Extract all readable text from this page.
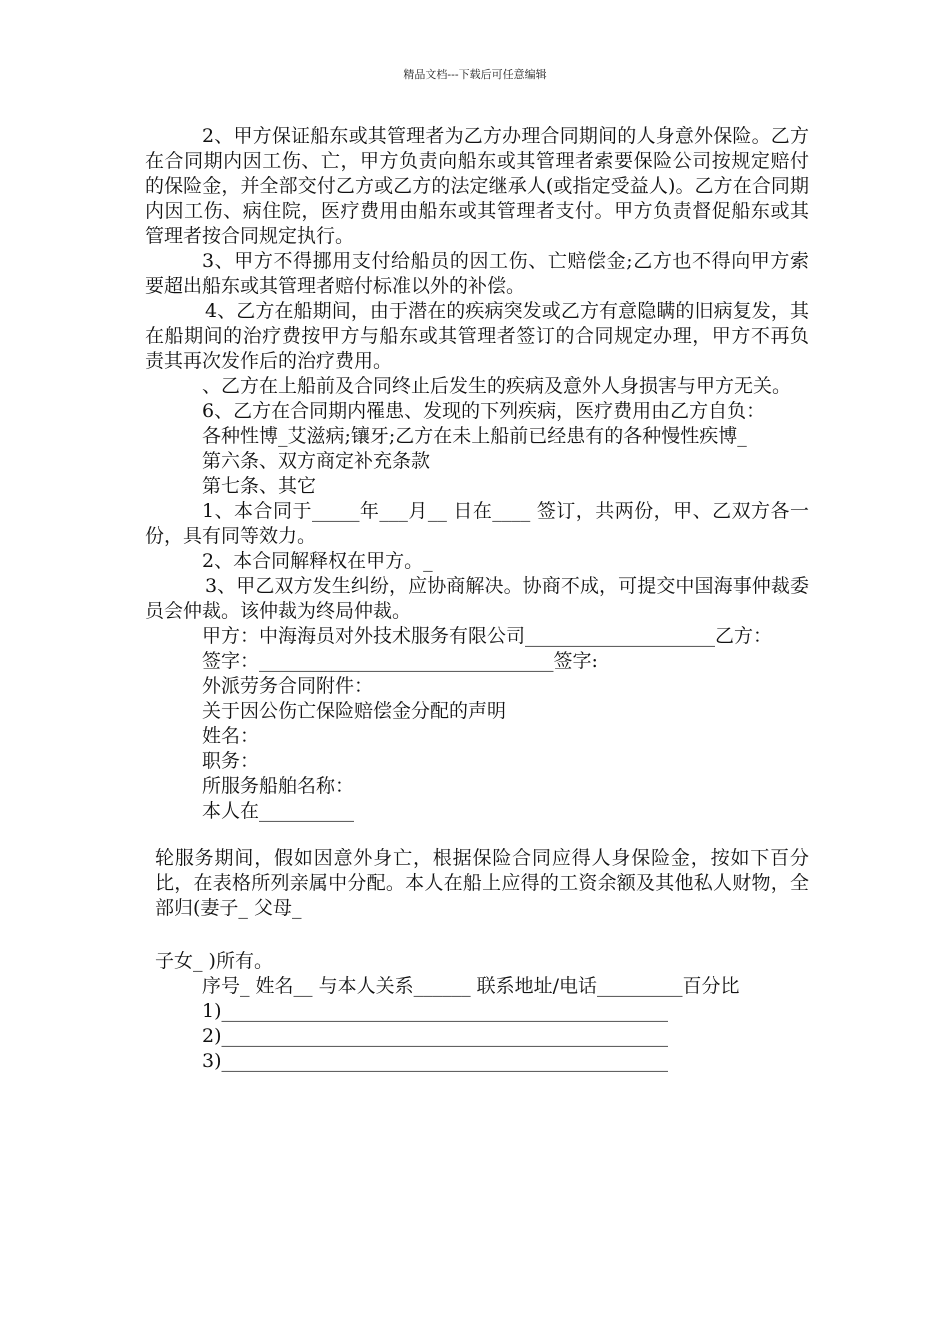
精品文档---下载后可任意编辑

2、甲方保证船东或其管理者为乙方办理合同期间的人身意外保险。乙方在合同期内因工伤、亡，甲方负责向船东或其管理者索要保险公司按规定赔付的保险金，并全部交付乙方或乙方的法定继承人(或指定受益人)。乙方在合同期内因工伤、病住院，医疗费用由船东或其管理者支付。甲方负责督促船东或其管理者按合同规定执行。

3、甲方不得挪用支付给船员的因工伤、亡赔偿金;乙方也不得向甲方索要超出船东或其管理者赔付标准以外的补偿。

4、乙方在船期间，由于潜在的疾病突发或乙方有意隐瞒的旧病复发，其在船期间的治疗费按甲方与船东或其管理者签订的合同规定办理，甲方不再负责其再次发作后的治疗费用。

、乙方在上船前及合同终止后发生的疾病及意外人身损害与甲方无关。

6、乙方在合同期内罹患、发现的下列疾病，医疗费用由乙方自负：

各种性博_艾滋病;镶牙;乙方在未上船前已经患有的各种慢性疾博_

第六条、双方商定补充条款

第七条、其它

1、本合同于_____年___月__ 日在____ 签订，共两份，甲、乙双方各一份，具有同等效力。

2、本合同解释权在甲方。_

3、甲乙双方发生纠纷，应协商解决。协商不成，可提交中国海事仲裁委员会仲裁。该仲裁为终局仲裁。

甲方：中海海员对外技术服务有限公司____________________乙方：

签字：_______________________________签字:

外派劳务合同附件：

关于因公伤亡保险赔偿金分配的声明

姓名：

职务：

所服务船舶名称：

本人在__________

轮服务期间，假如因意外身亡，根据保险合同应得人身保险金，按如下百分比，在表格所列亲属中分配。本人在船上应得的工资余额及其他私人财物，全部归(妻子_ 父母_

子女_ )所有。

序号_ 姓名__ 与本人关系______ 联系地址/电话_________百分比

1)_______________________________________________

2)_______________________________________________

3)_______________________________________________
